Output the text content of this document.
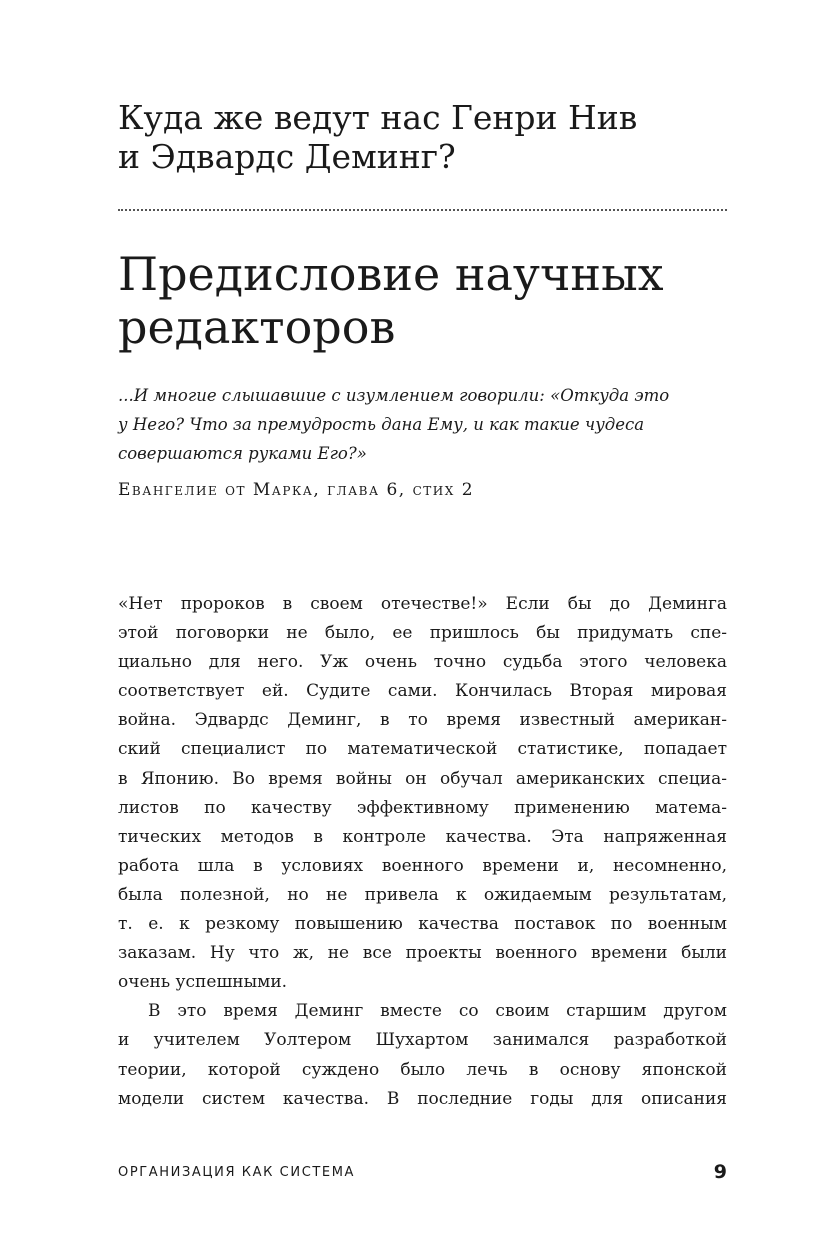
Куда же ведут нас Генри Нив
и Эдвардс Деминг?
Предисловие научных
редакторов
...И многие слышавшие с изумлением говорили: «Откуда это
у Него? Что за премудрость дана Ему, и как такие чудеса
совершаются руками Его?»

Евангелие от Марка, глава 6, стих 2

«Нет пророков в своем отечестве!» Если бы до Деминга
этой поговорки не было, ее пришлось бы придумать спе-
циально для него. Уж очень точно судьба этого человека
соответствует ей. Судите сами. Кончилась Вторая мировая
война. Эдвардс Деминг, в то время известный американ-
ский специалист по математической статистике, попадает
в Японию. Во время войны он обучал американских специа-
листов по качеству эффективному применению матема-
тических методов в контроле качества. Эта напряженная
работа шла в условиях военного времени и, несомненно,
была полезной, но не привела к ожидаемым результатам,
т. е. к резкому повышению качества поставок по военным
заказам. Ну что ж, не все проекты военного времени были
очень успешными.
В это время Деминг вместе со своим старшим другом
и учителем Уолтером Шухартом занимался разработкой
теории, которой суждено было лечь в основу японской
модели систем качества. В последние годы для описания

ОРГАНИЗАЦИЯ КАК СИСТЕМА	9
